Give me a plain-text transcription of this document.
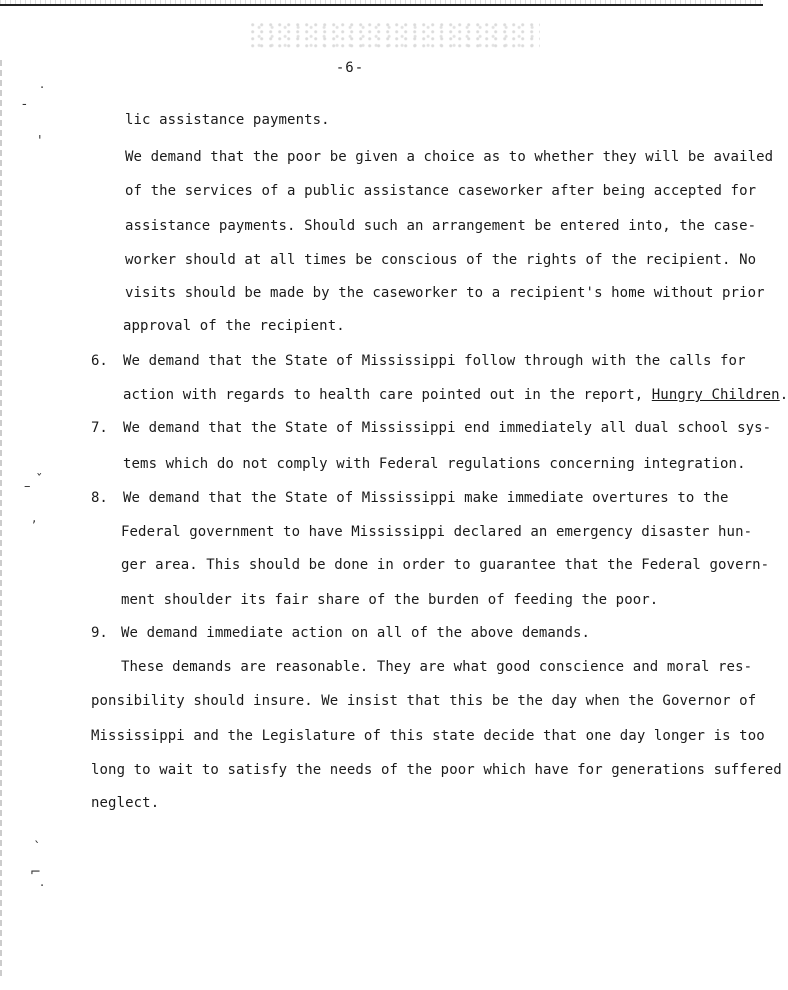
·
‐
'
– ˇ
‚
ˎ
⌐
.
-6-
lic assistance payments.
We demand that the poor be given a choice as to whether they will be availed
of the services of a public assistance caseworker after being accepted for
assistance payments. Should such an arrangement be entered into, the case-
worker should at all times be conscious of the rights of the recipient. No
visits should be made by the caseworker to a recipient's home without prior
approval of the recipient.
6. We demand that the State of Mississippi follow through with the calls for
action with regards to health care pointed out in the report, Hungry Children.
7. We demand that the State of Mississippi end immediately all dual school sys-
tems which do not comply with Federal regulations concerning integration.
8. We demand that the State of Mississippi make immediate overtures to the
Federal government to have Mississippi declared an emergency disaster hun-
ger area. This should be done in order to guarantee that the Federal govern-
ment shoulder its fair share of the burden of feeding the poor.
9. We demand immediate action on all of the above demands.
These demands are reasonable. They are what good conscience and moral res-
ponsibility should insure. We insist that this be the day when the Governor of
Mississippi and the Legislature of this state decide that one day longer is too
long to wait to satisfy the needs of the poor which have for generations suffered
neglect.
